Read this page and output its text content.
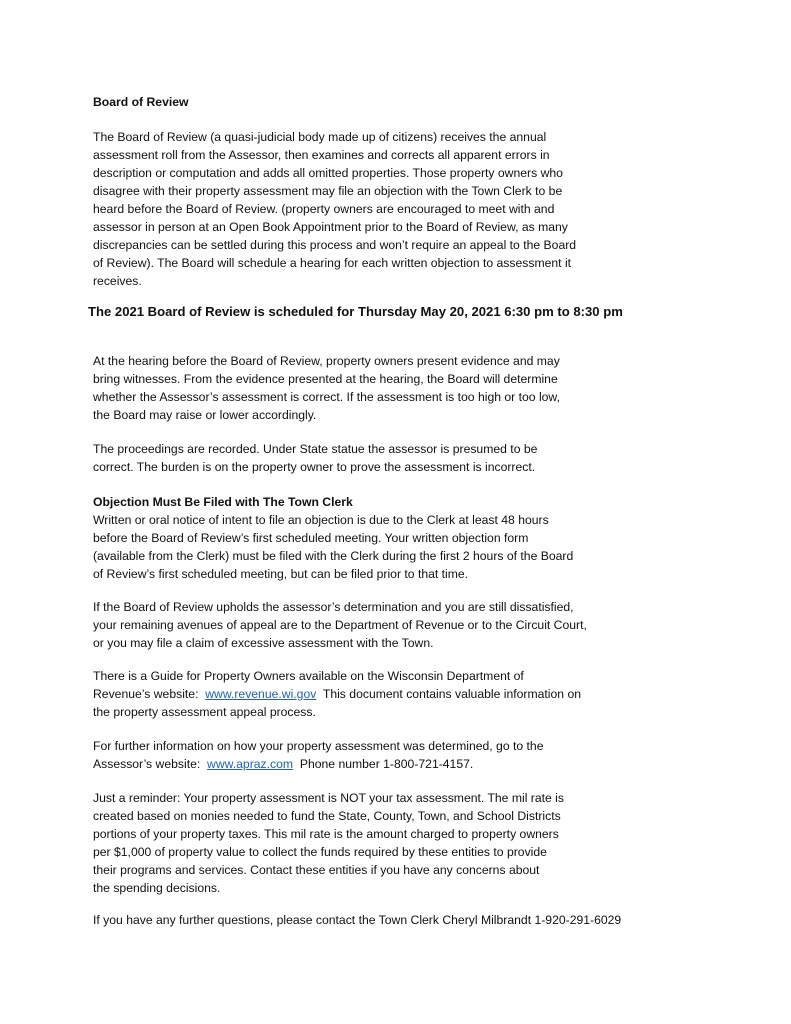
Board of Review

The Board of Review (a quasi-judicial body made up of citizens) receives the annual

assessment roll from the Assessor, then examines and corrects all apparent errors in

description or computation and adds all omitted properties. Those property owners who

disagree with their property assessment may file an objection with the Town Clerk to be

heard before the Board of Review. (property owners are encouraged to meet with and

assessor in person at an Open Book Appointment prior to the Board of Review, as many

discrepancies can be settled during this process and won’t require an appeal to the Board

of Review). The Board will schedule a hearing for each written objection to assessment it

receives.

The 2021 Board of Review is scheduled for Thursday May 20, 2021 6:30 pm to 8:30 pm

At the hearing before the Board of Review, property owners present evidence and may

bring witnesses. From the evidence presented at the hearing, the Board will determine

whether the Assessor’s assessment is correct. If the assessment is too high or too low,

the Board may raise or lower accordingly.

The proceedings are recorded. Under State statue the assessor is presumed to be

correct. The burden is on the property owner to prove the assessment is incorrect.

Objection Must Be Filed with The Town Clerk

Written or oral notice of intent to file an objection is due to the Clerk at least 48 hours

before the Board of Review’s first scheduled meeting. Your written objection form

(available from the Clerk) must be filed with the Clerk during the first 2 hours of the Board

of Review’s first scheduled meeting, but can be filed prior to that time.

If the Board of Review upholds the assessor’s determination and you are still dissatisfied,

your remaining avenues of appeal are to the Department of Revenue or to the Circuit Court,

or you may file a claim of excessive assessment with the Town.

There is a Guide for Property Owners available on the Wisconsin Department of

Revenue’s website:  www.revenue.wi.gov  This document contains valuable information on

the property assessment appeal process.

For further information on how your property assessment was determined, go to the

Assessor’s website:  www.apraz.com  Phone number 1-800-721-4157.

Just a reminder: Your property assessment is NOT your tax assessment. The mil rate is

created based on monies needed to fund the State, County, Town, and School Districts

portions of your property taxes. This mil rate is the amount charged to property owners

per $1,000 of property value to collect the funds required by these entities to provide

their programs and services. Contact these entities if you have any concerns about

the spending decisions.

If you have any further questions, please contact the Town Clerk Cheryl Milbrandt 1-920-291-6029
